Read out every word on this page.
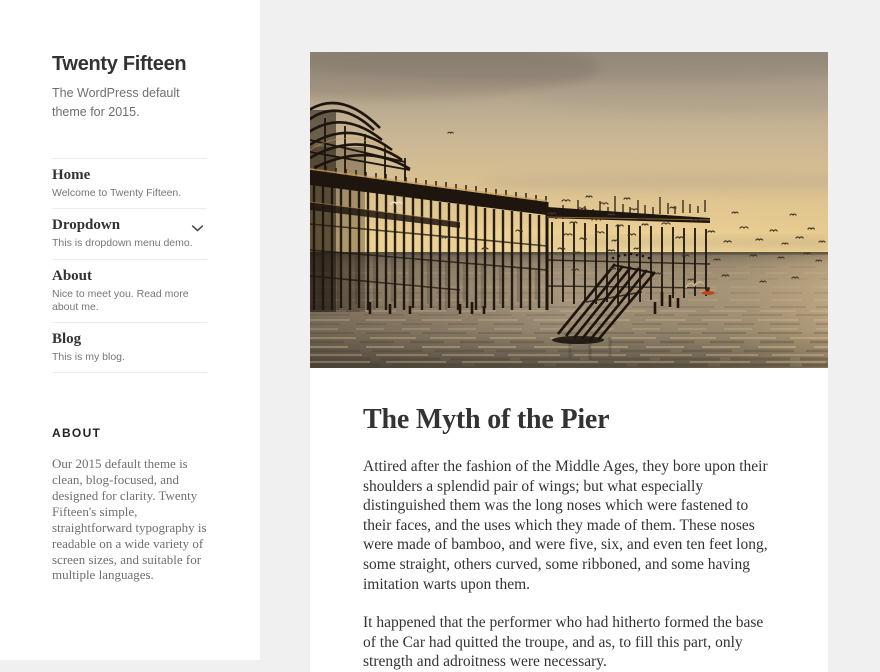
Twenty Fifteen

The WordPress default theme for 2015.

Home
Welcome to Twenty Fifteen.
Dropdown
This is dropdown menu demo.
About
Nice to meet you. Read more about me.
Blog
This is my blog.
ABOUT

Our 2015 default theme is clean, blog-focused, and designed for clarity. Twenty Fifteen's simple, straightforward typography is readable on a wide variety of screen sizes, and suitable for multiple languages.

The Myth of the Pier

Attired after the fashion of the Middle Ages, they bore upon their shoulders a splendid pair of wings; but what especially distinguished them was the long noses which were fastened to their faces, and the uses which they made of them. These noses were made of bamboo, and were five, six, and even ten feet long, some straight, others curved, some ribboned, and some having imitation warts upon them.

It happened that the performer who had hitherto formed the base of the Car had quitted the troupe, and as, to fill this part, only strength and adroitness were necessary.
